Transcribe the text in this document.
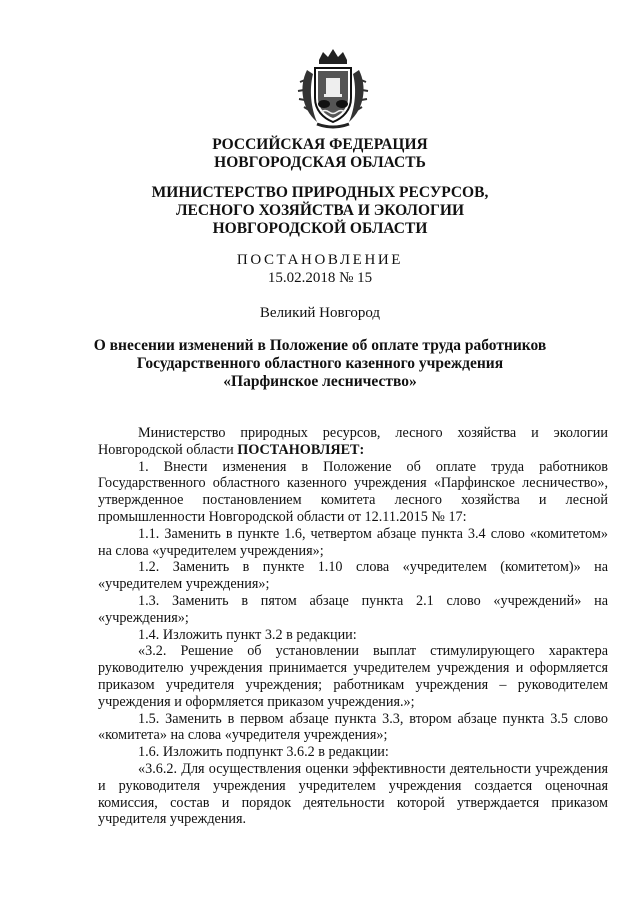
РОССИЙСКАЯ ФЕДЕРАЦИЯ
НОВГОРОДСКАЯ ОБЛАСТЬ
МИНИСТЕРСТВО ПРИРОДНЫХ РЕСУРСОВ,
ЛЕСНОГО ХОЗЯЙСТВА И ЭКОЛОГИИ
НОВГОРОДСКОЙ ОБЛАСТИ
ПОСТАНОВЛЕНИЕ
15.02.2018 № 15
Великий Новгород
О внесении изменений в Положение об оплате труда работников
Государственного областного казенного учреждения
«Парфинское лесничество»

Министерство природных ресурсов, лесного хозяйства и экологии Новгородской области ПОСТАНОВЛЯЕТ:

1. Внести изменения в Положение об оплате труда работников Государственного областного казенного учреждения «Парфинское лесничество», утвержденное постановлением комитета лесного хозяйства и лесной промышленности Новгородской области от 12.11.2015 № 17:

1.1. Заменить в пункте 1.6, четвертом абзаце пункта 3.4 слово «комитетом» на слова «учредителем учреждения»;

1.2. Заменить в пункте 1.10 слова «учредителем (комитетом)» на «учредителем учреждения»;

1.3. Заменить в пятом абзаце пункта 2.1 слово «учреждений» на «учреждения»;

1.4. Изложить пункт 3.2 в редакции:

«3.2. Решение об установлении выплат стимулирующего характера руководителю учреждения принимается учредителем учреждения и оформляется приказом учредителя учреждения; работникам учреждения – руководителем учреждения и оформляется приказом учреждения.»;

1.5. Заменить в первом абзаце пункта 3.3, втором абзаце пункта 3.5 слово «комитета» на слова «учредителя учреждения»;

1.6. Изложить подпункт 3.6.2 в редакции:

«3.6.2. Для осуществления оценки эффективности деятельности учреждения и руководителя учреждения учредителем учреждения создается оценочная комиссия, состав и порядок деятельности которой утверждается приказом учредителя учреждения.
